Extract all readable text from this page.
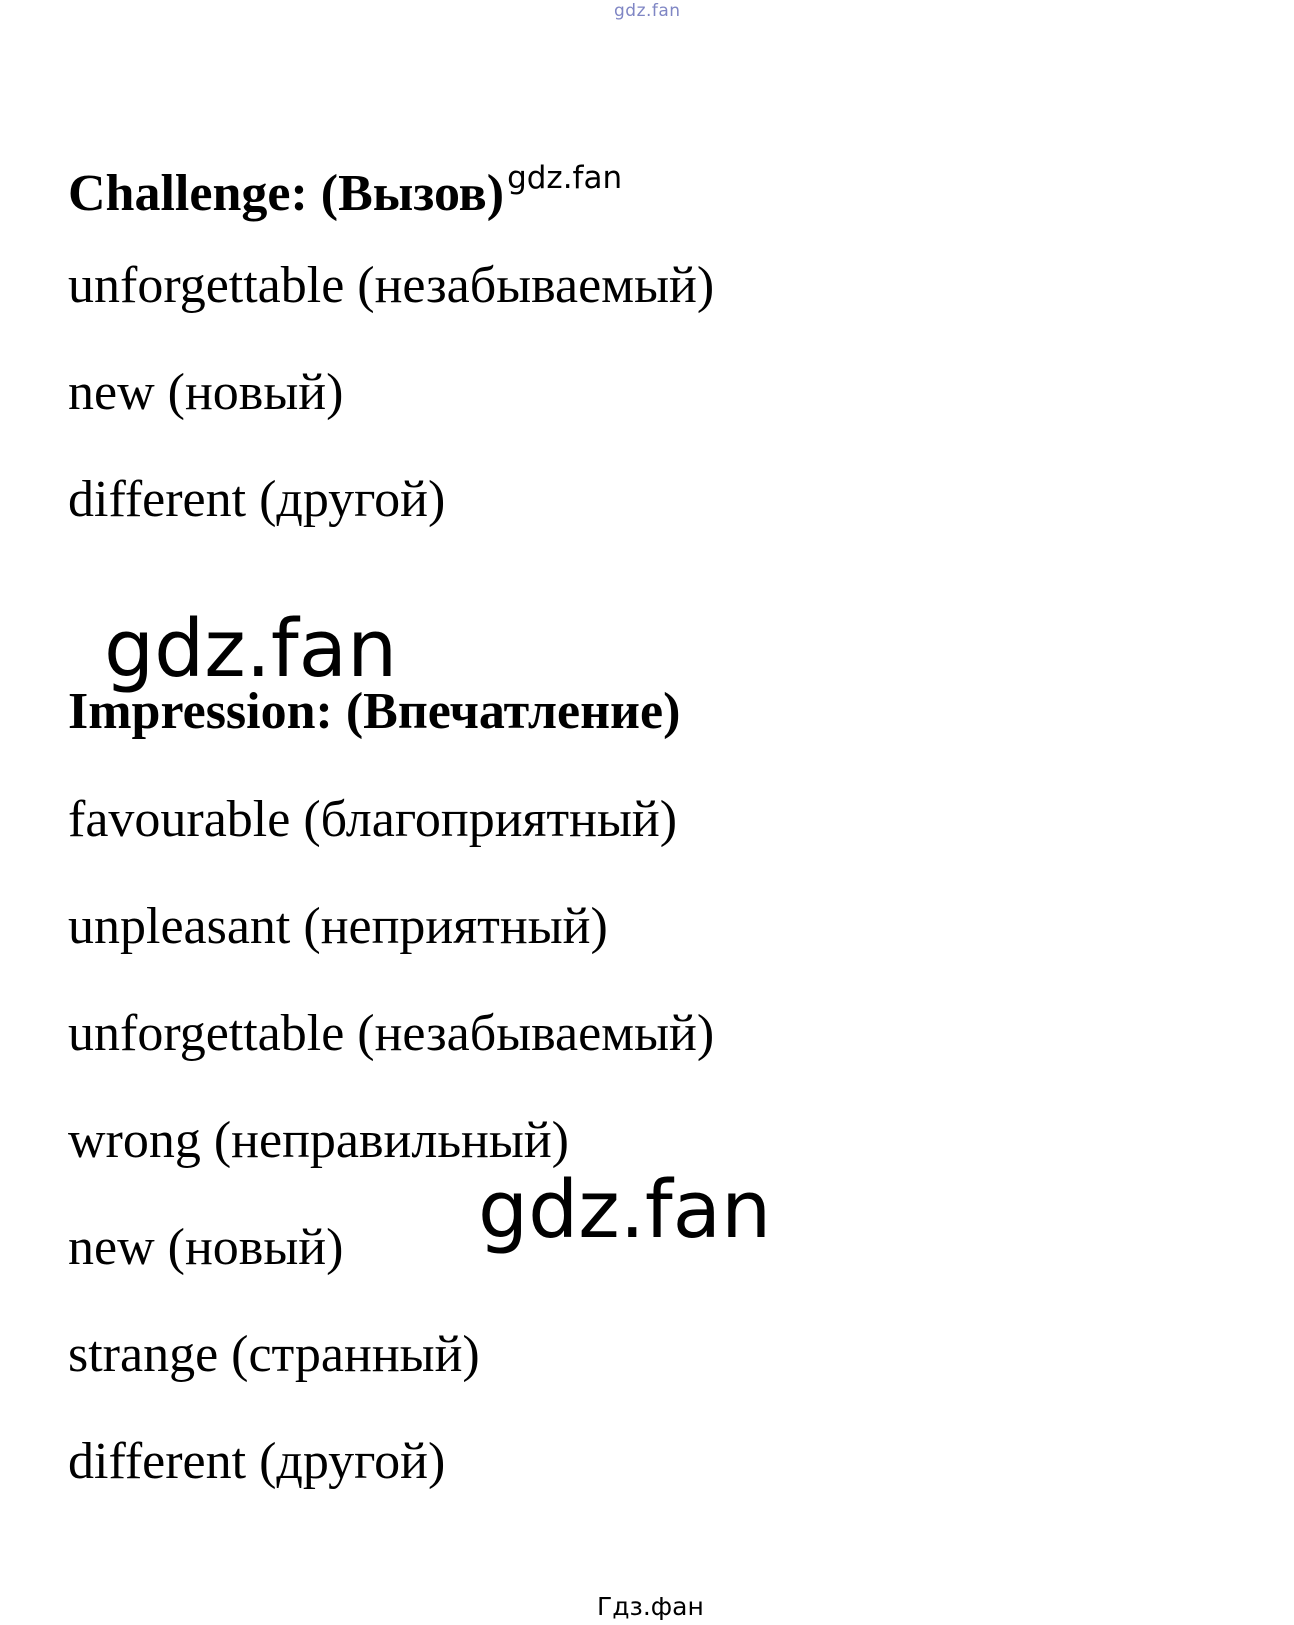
gdz.fan
Challenge: (Вызов)$^{gdz.fan}$
unforgettable (незабываемый)
new (новый)
different (другой)
gdz.fan
Impression: (Впечатление)
favourable (благоприятный)
unpleasant (неприятный)
unforgettable (незабываемый)
wrong (неправильный)
new (новый)
strange (странный)
different (другой)
gdz.fan
Гдз.фан
